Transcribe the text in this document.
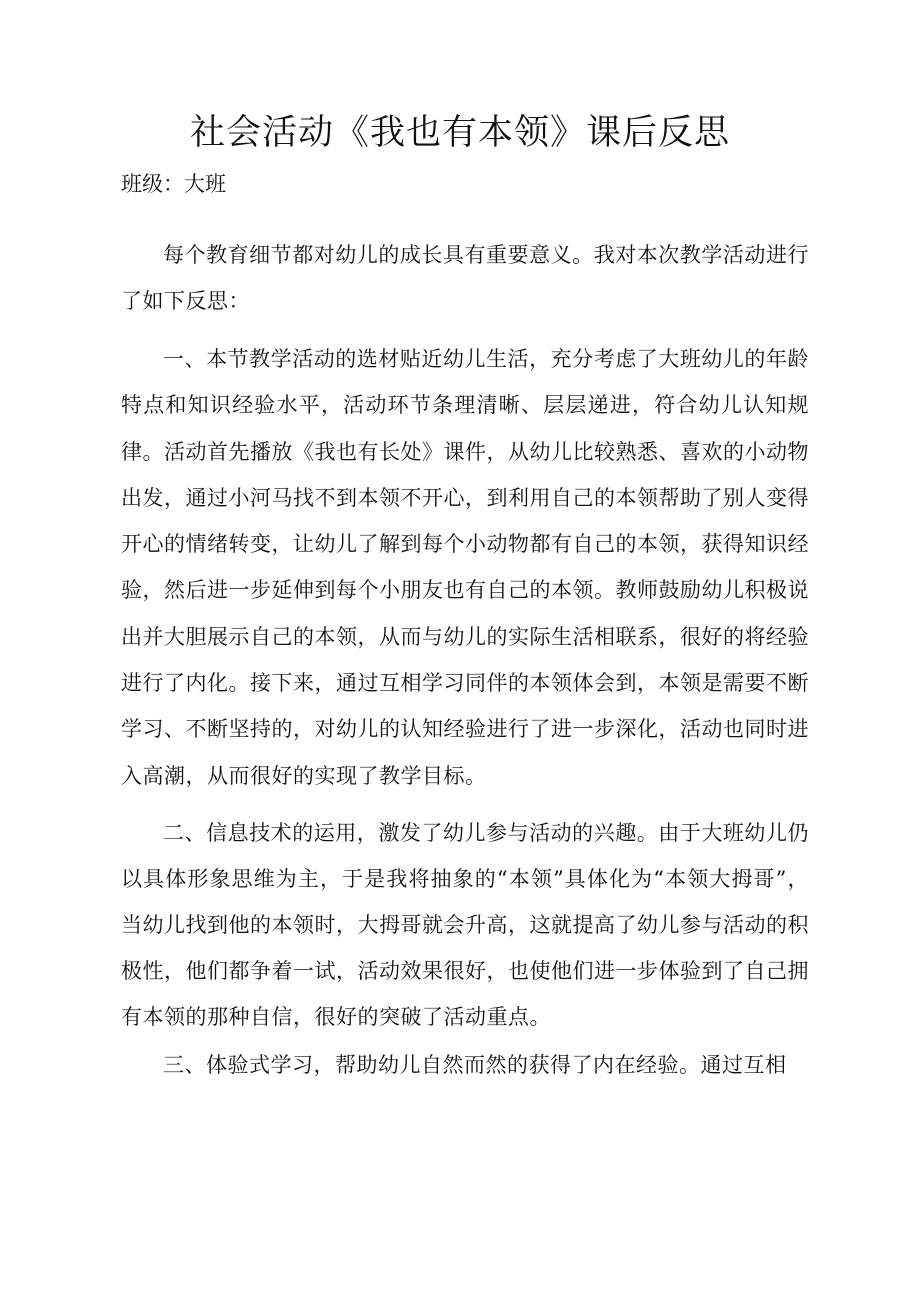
社会活动《我也有本领》课后反思

班级：大班

每个教育细节都对幼儿的成长具有重要意义。我对本次教学活动进行了如下反思：

一、本节教学活动的选材贴近幼儿生活，充分考虑了大班幼儿的年龄特点和知识经验水平，活动环节条理清晰、层层递进，符合幼儿认知规律。活动首先播放《我也有长处》课件，从幼儿比较熟悉、喜欢的小动物出发，通过小河马找不到本领不开心，到利用自己的本领帮助了别人变得开心的情绪转变，让幼儿了解到每个小动物都有自己的本领，获得知识经验，然后进一步延伸到每个小朋友也有自己的本领。教师鼓励幼儿积极说出并大胆展示自己的本领，从而与幼儿的实际生活相联系，很好的将经验进行了内化。接下来，通过互相学习同伴的本领体会到，本领是需要不断学习、不断坚持的，对幼儿的认知经验进行了进一步深化，活动也同时进入高潮，从而很好的实现了教学目标。

二、信息技术的运用，激发了幼儿参与活动的兴趣。由于大班幼儿仍以具体形象思维为主，于是我将抽象的“本领”具体化为“本领大拇哥”，当幼儿找到他的本领时，大拇哥就会升高，这就提高了幼儿参与活动的积极性，他们都争着一试，活动效果很好，也使他们进一步体验到了自己拥有本领的那种自信，很好的突破了活动重点。

三、体验式学习，帮助幼儿自然而然的获得了内在经验。通过互相
